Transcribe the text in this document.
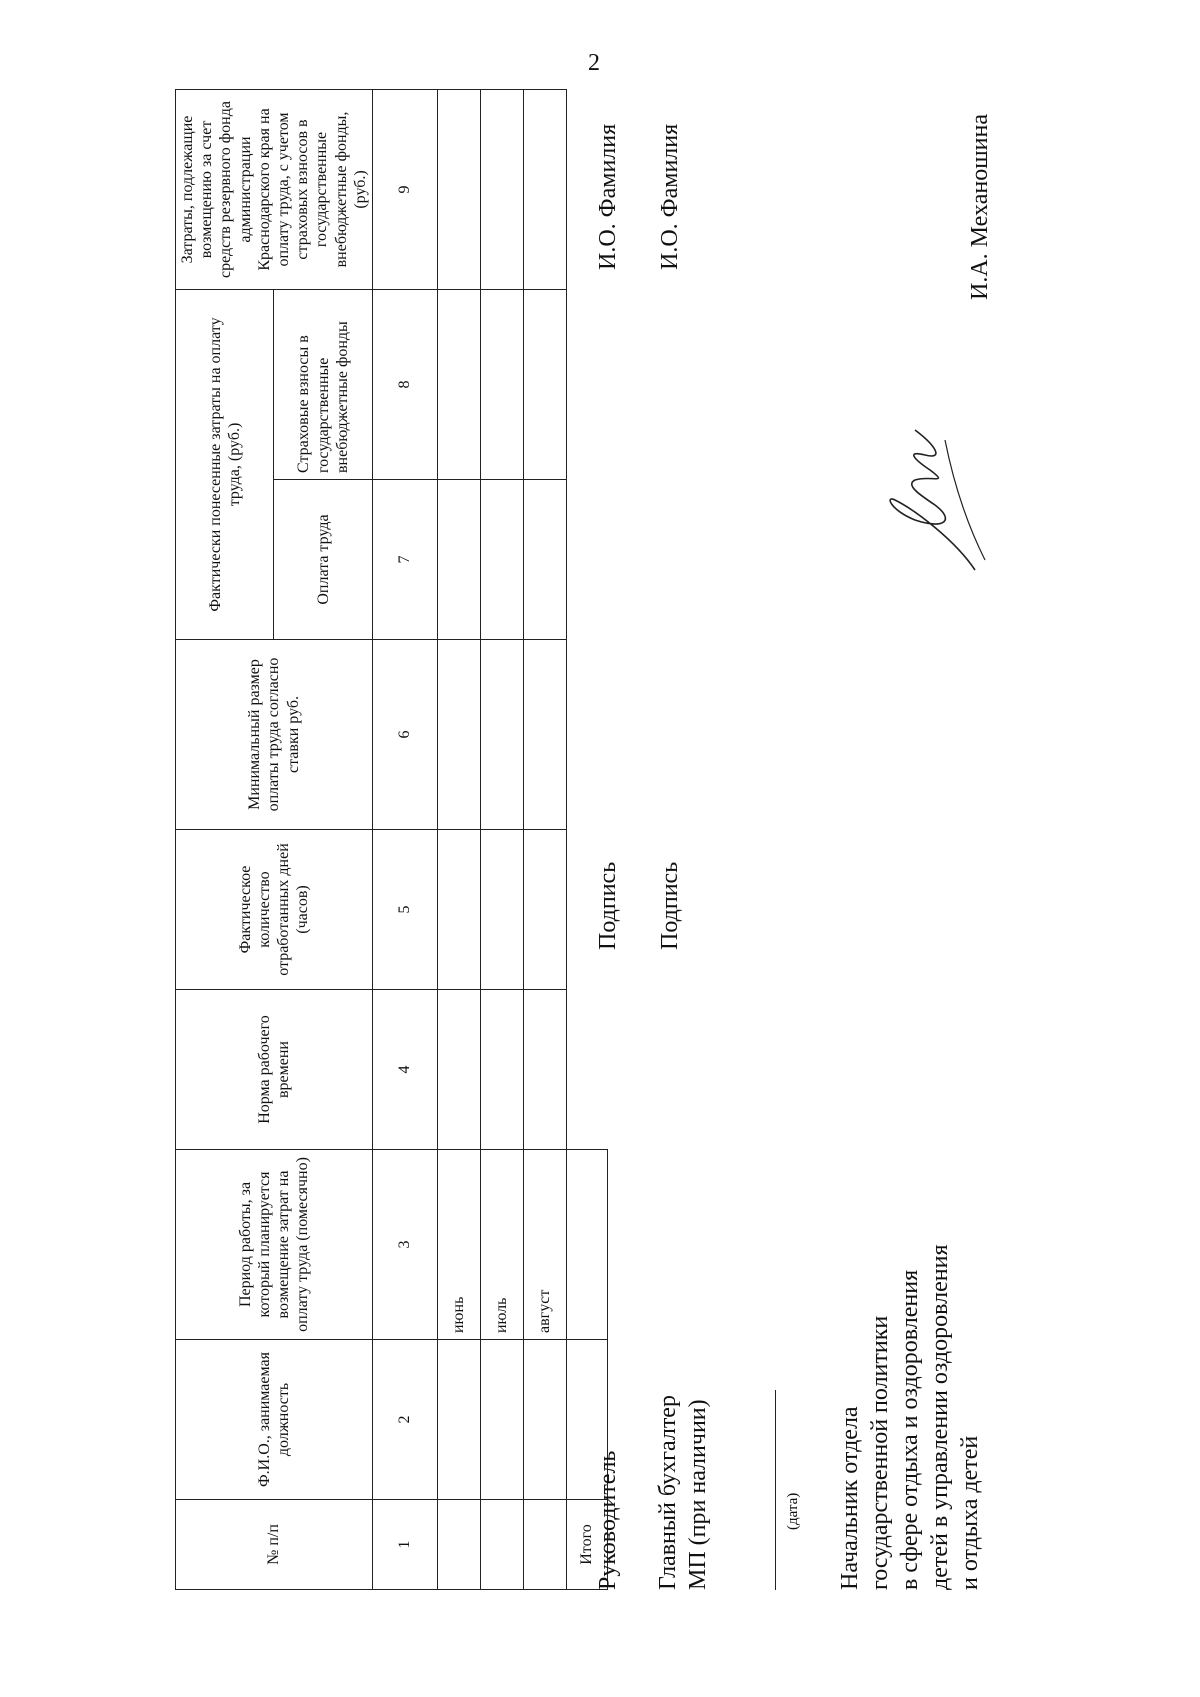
2
№ п/п	Ф.И.О., занимаемая должность	Период работы, за который планируется возмещение затрат на оплату труда (помесячно)	Норма рабочего времени	Фактическое количество отработанных дней (часов)	Минимальный размер оплаты труда согласно ставки руб.	Фактически понесенные затраты на оплату труда, (руб.)		Затраты, подлежащие возмещению за счет средств резервного фонда администрации Краснодарского края на оплату труда, с учетом страховых взносов в государственные внебюджетные фонды, (руб.)
						Оплата труда	Страховые взносы в государственные внебюджетные фонды	
1	2	3	4	5	6	7	8	9
		июнь						
		июль						
		август						
Итого								Руководитель
Подпись
И.О. Фамилия
Главный бухгалтер МП (при наличии)
Подпись
И.О. Фамилия
(дата) Начальник отдела государственной политики в сфере отдыха и оздоровления детей в управлении оздоровления и отдыха детей
И.А. Механошина
